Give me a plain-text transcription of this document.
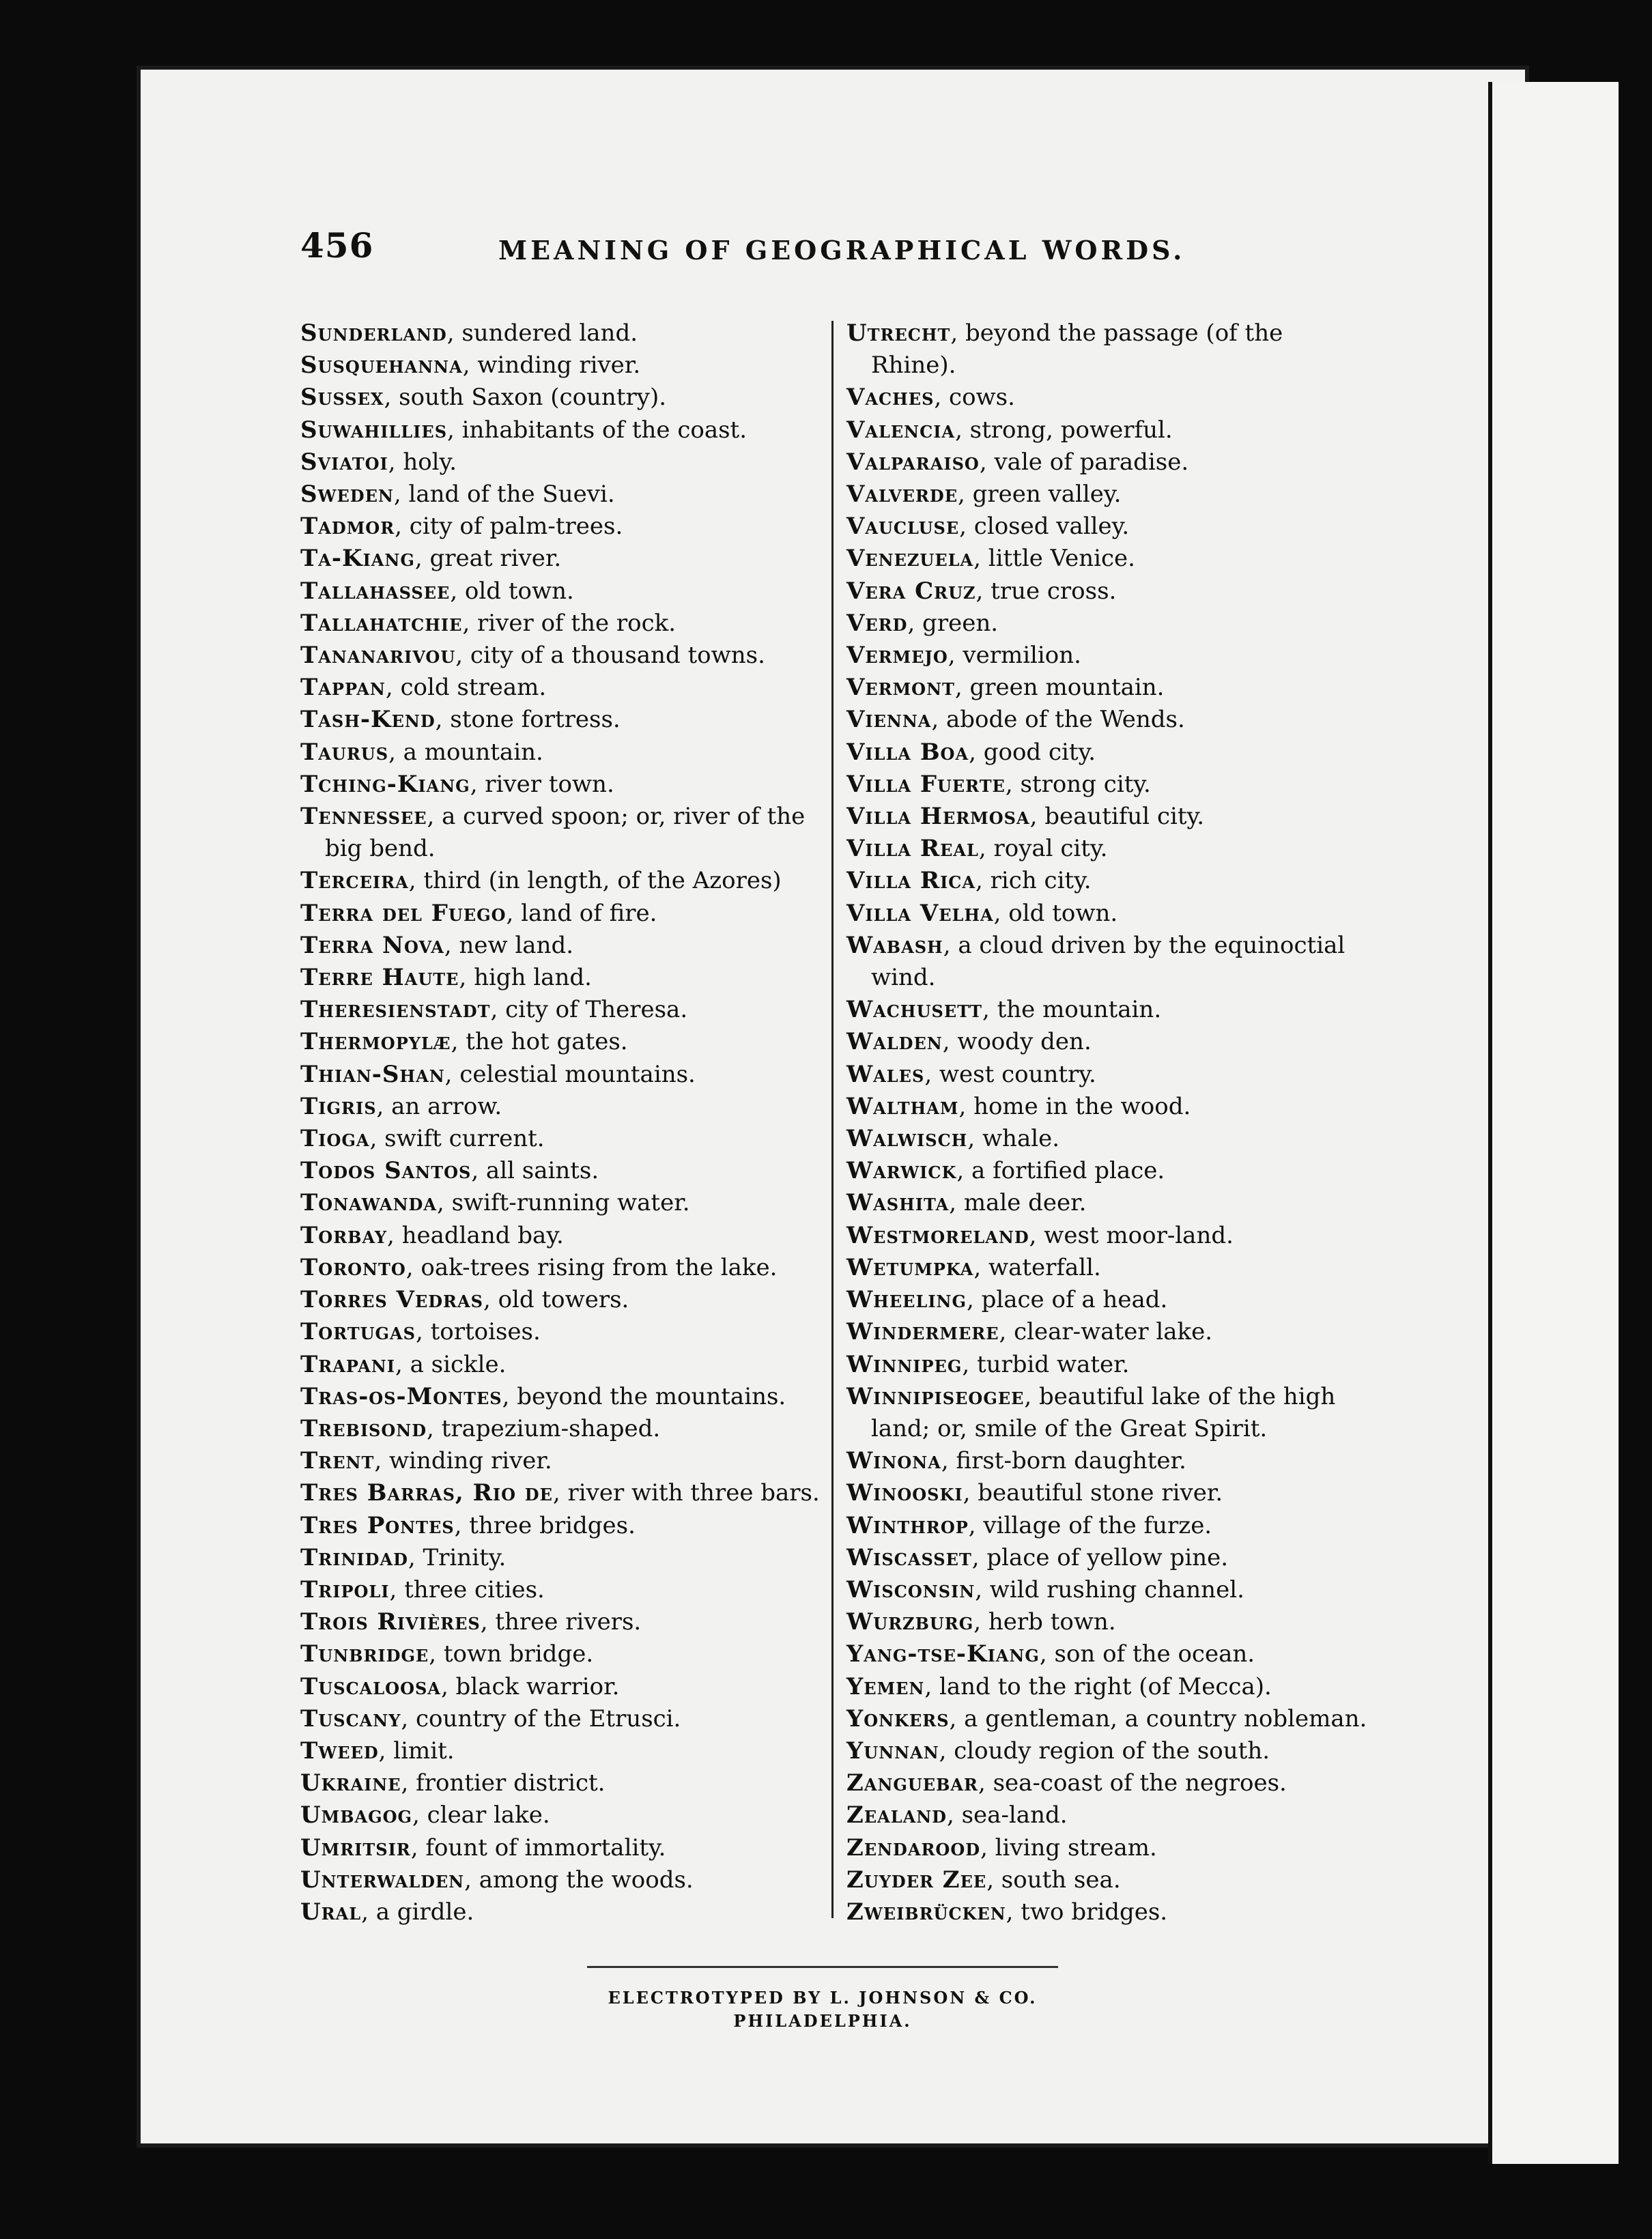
456	MEANING OF GEOGRAPHICAL WORDS.

Sunderland, sundered land.

Susquehanna, winding river.

Sussex, south Saxon (country).

Suwahillies, inhabitants of the coast.

Sviatoi, holy.

Sweden, land of the Suevi.

Tadmor, city of palm-trees.

Ta-Kiang, great river.

Tallahassee, old town.

Tallahatchie, river of the rock.

Tananarivou, city of a thousand towns.

Tappan, cold stream.

Tash-Kend, stone fortress.

Taurus, a mountain.

Tching-Kiang, river town.

Tennessee, a curved spoon; or, river of the big bend.

Terceira, third (in length, of the Azores)

Terra del Fuego, land of fire.

Terra Nova, new land.

Terre Haute, high land.

Theresienstadt, city of Theresa.

Thermopylæ, the hot gates.

Thian-Shan, celestial mountains.

Tigris, an arrow.

Tioga, swift current.

Todos Santos, all saints.

Tonawanda, swift-running water.

Torbay, headland bay.

Toronto, oak-trees rising from the lake.

Torres Vedras, old towers.

Tortugas, tortoises.

Trapani, a sickle.

Tras-os-Montes, beyond the mountains.

Trebisond, trapezium-shaped.

Trent, winding river.

Tres Barras, Rio de, river with three bars.

Tres Pontes, three bridges.

Trinidad, Trinity.

Tripoli, three cities.

Trois Rivières, three rivers.

Tunbridge, town bridge.

Tuscaloosa, black warrior.

Tuscany, country of the Etrusci.

Tweed, limit.

Ukraine, frontier district.

Umbagog, clear lake.

Umritsir, fount of immortality.

Unterwalden, among the woods.

Ural, a girdle.

Utrecht, beyond the passage (of the Rhine).

Vaches, cows.

Valencia, strong, powerful.

Valparaiso, vale of paradise.

Valverde, green valley.

Vaucluse, closed valley.

Venezuela, little Venice.

Vera Cruz, true cross.

Verd, green.

Vermejo, vermilion.

Vermont, green mountain.

Vienna, abode of the Wends.

Villa Boa, good city.

Villa Fuerte, strong city.

Villa Hermosa, beautiful city.

Villa Real, royal city.

Villa Rica, rich city.

Villa Velha, old town.

Wabash, a cloud driven by the equinoctial wind.

Wachusett, the mountain.

Walden, woody den.

Wales, west country.

Waltham, home in the wood.

Walwisch, whale.

Warwick, a fortified place.

Washita, male deer.

Westmoreland, west moor-land.

Wetumpka, waterfall.

Wheeling, place of a head.

Windermere, clear-water lake.

Winnipeg, turbid water.

Winnipiseogee, beautiful lake of the high land; or, smile of the Great Spirit.

Winona, first-born daughter.

Winooski, beautiful stone river.

Winthrop, village of the furze.

Wiscasset, place of yellow pine.

Wisconsin, wild rushing channel.

Wurzburg, herb town.

Yang-tse-Kiang, son of the ocean.

Yemen, land to the right (of Mecca).

Yonkers, a gentleman, a country nobleman.

Yunnan, cloudy region of the south.

Zanguebar, sea-coast of the negroes.

Zealand, sea-land.

Zendarood, living stream.

Zuyder Zee, south sea.

Zweibrücken, two bridges.

ELECTROTYPED BY L. JOHNSON & CO.
PHILADELPHIA.
